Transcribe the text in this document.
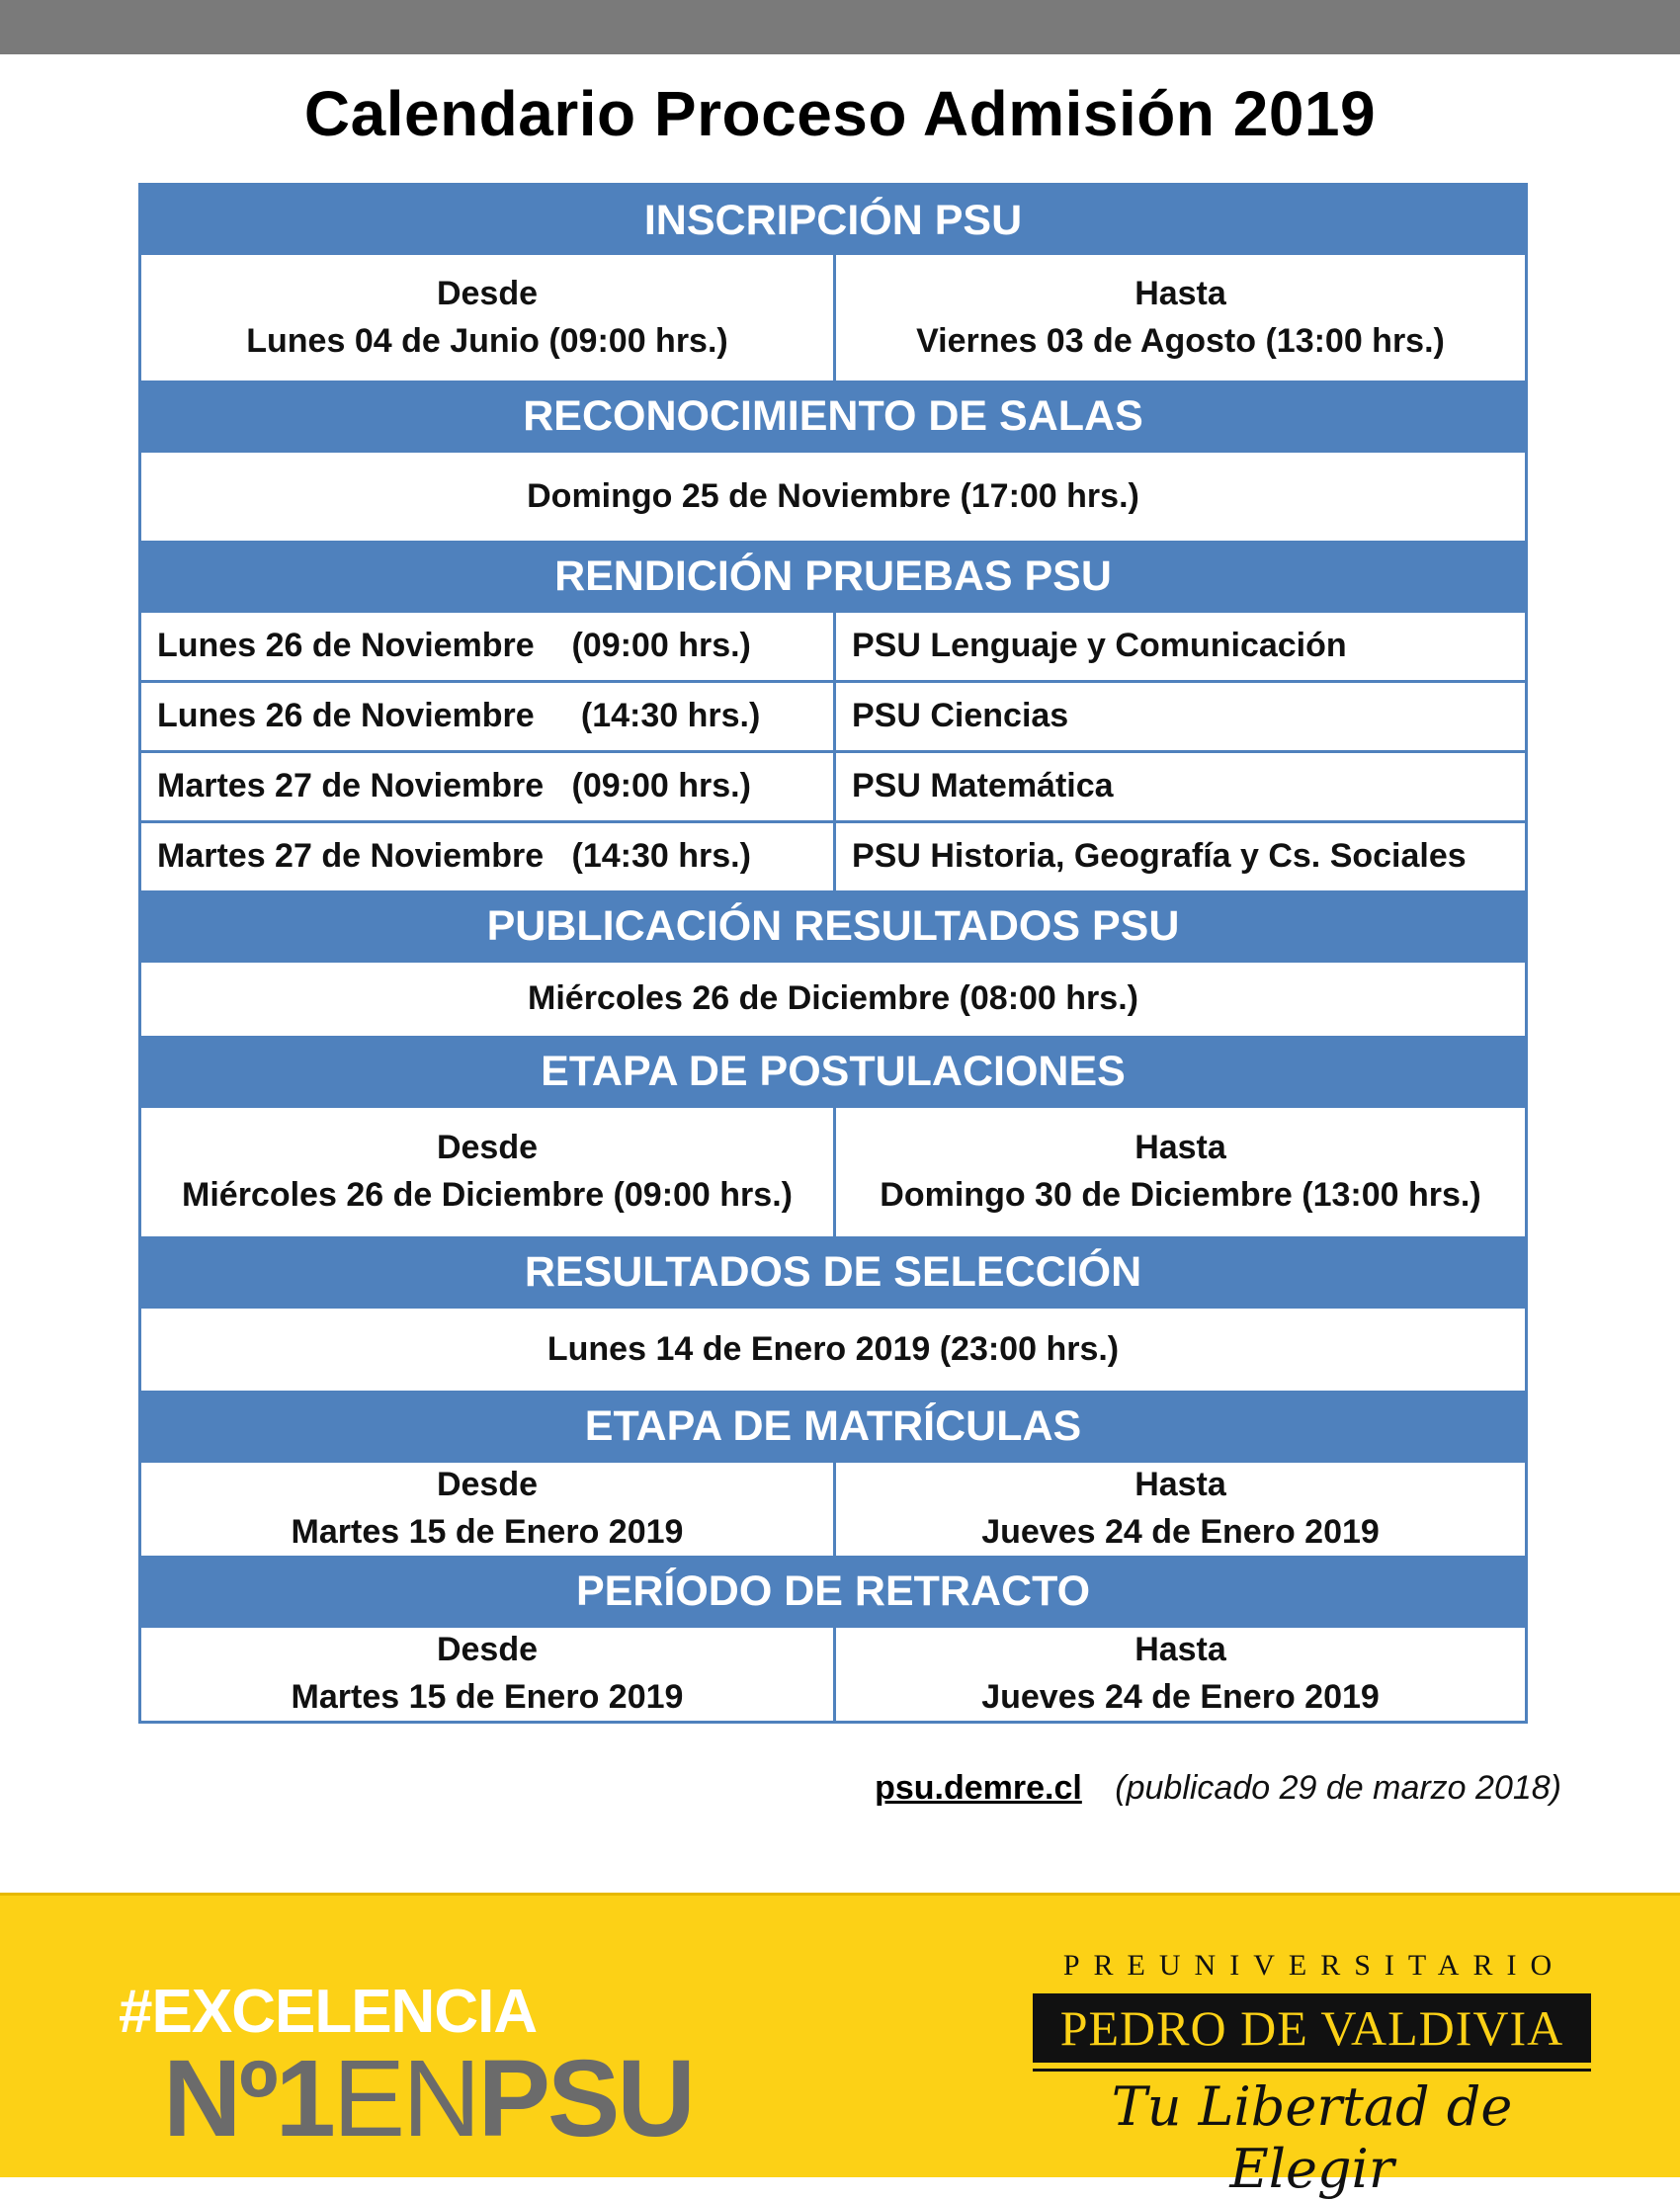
Calendario Proceso Admisión 2019
INSCRIPCIÓN PSU
Desde
Lunes 04 de Junio (09:00 hrs.)
Hasta
Viernes 03 de Agosto (13:00 hrs.)
RECONOCIMIENTO DE SALAS
Domingo 25 de Noviembre (17:00 hrs.)
RENDICIÓN PRUEBAS PSU
Lunes 26 de Noviembre    (09:00 hrs.)	PSU Lenguaje y Comunicación
Lunes 26 de Noviembre     (14:30 hrs.)	PSU Ciencias
Martes 27 de Noviembre   (09:00 hrs.)	PSU Matemática
Martes 27 de Noviembre   (14:30 hrs.)	PSU Historia, Geografía y Cs. Sociales
PUBLICACIÓN RESULTADOS PSU
Miércoles 26 de Diciembre (08:00 hrs.)
ETAPA DE POSTULACIONES
Desde
Miércoles 26 de Diciembre (09:00 hrs.)
Hasta
Domingo 30 de Diciembre (13:00 hrs.)
RESULTADOS DE SELECCIÓN
Lunes 14 de Enero 2019 (23:00 hrs.)
ETAPA DE MATRÍCULAS
Desde
Martes 15 de Enero 2019
Hasta
Jueves 24 de Enero 2019
PERÍODO DE RETRACTO
Desde
Martes 15 de Enero 2019
Hasta
Jueves 24 de Enero 2019
psu.demre.cl (publicado 29 de marzo 2018)
#EXCELENCIA
Nº1ENPSU
PREUNIVERSITARIO
PEDRO DE VALDIVIA
Tu Libertad de Elegir
